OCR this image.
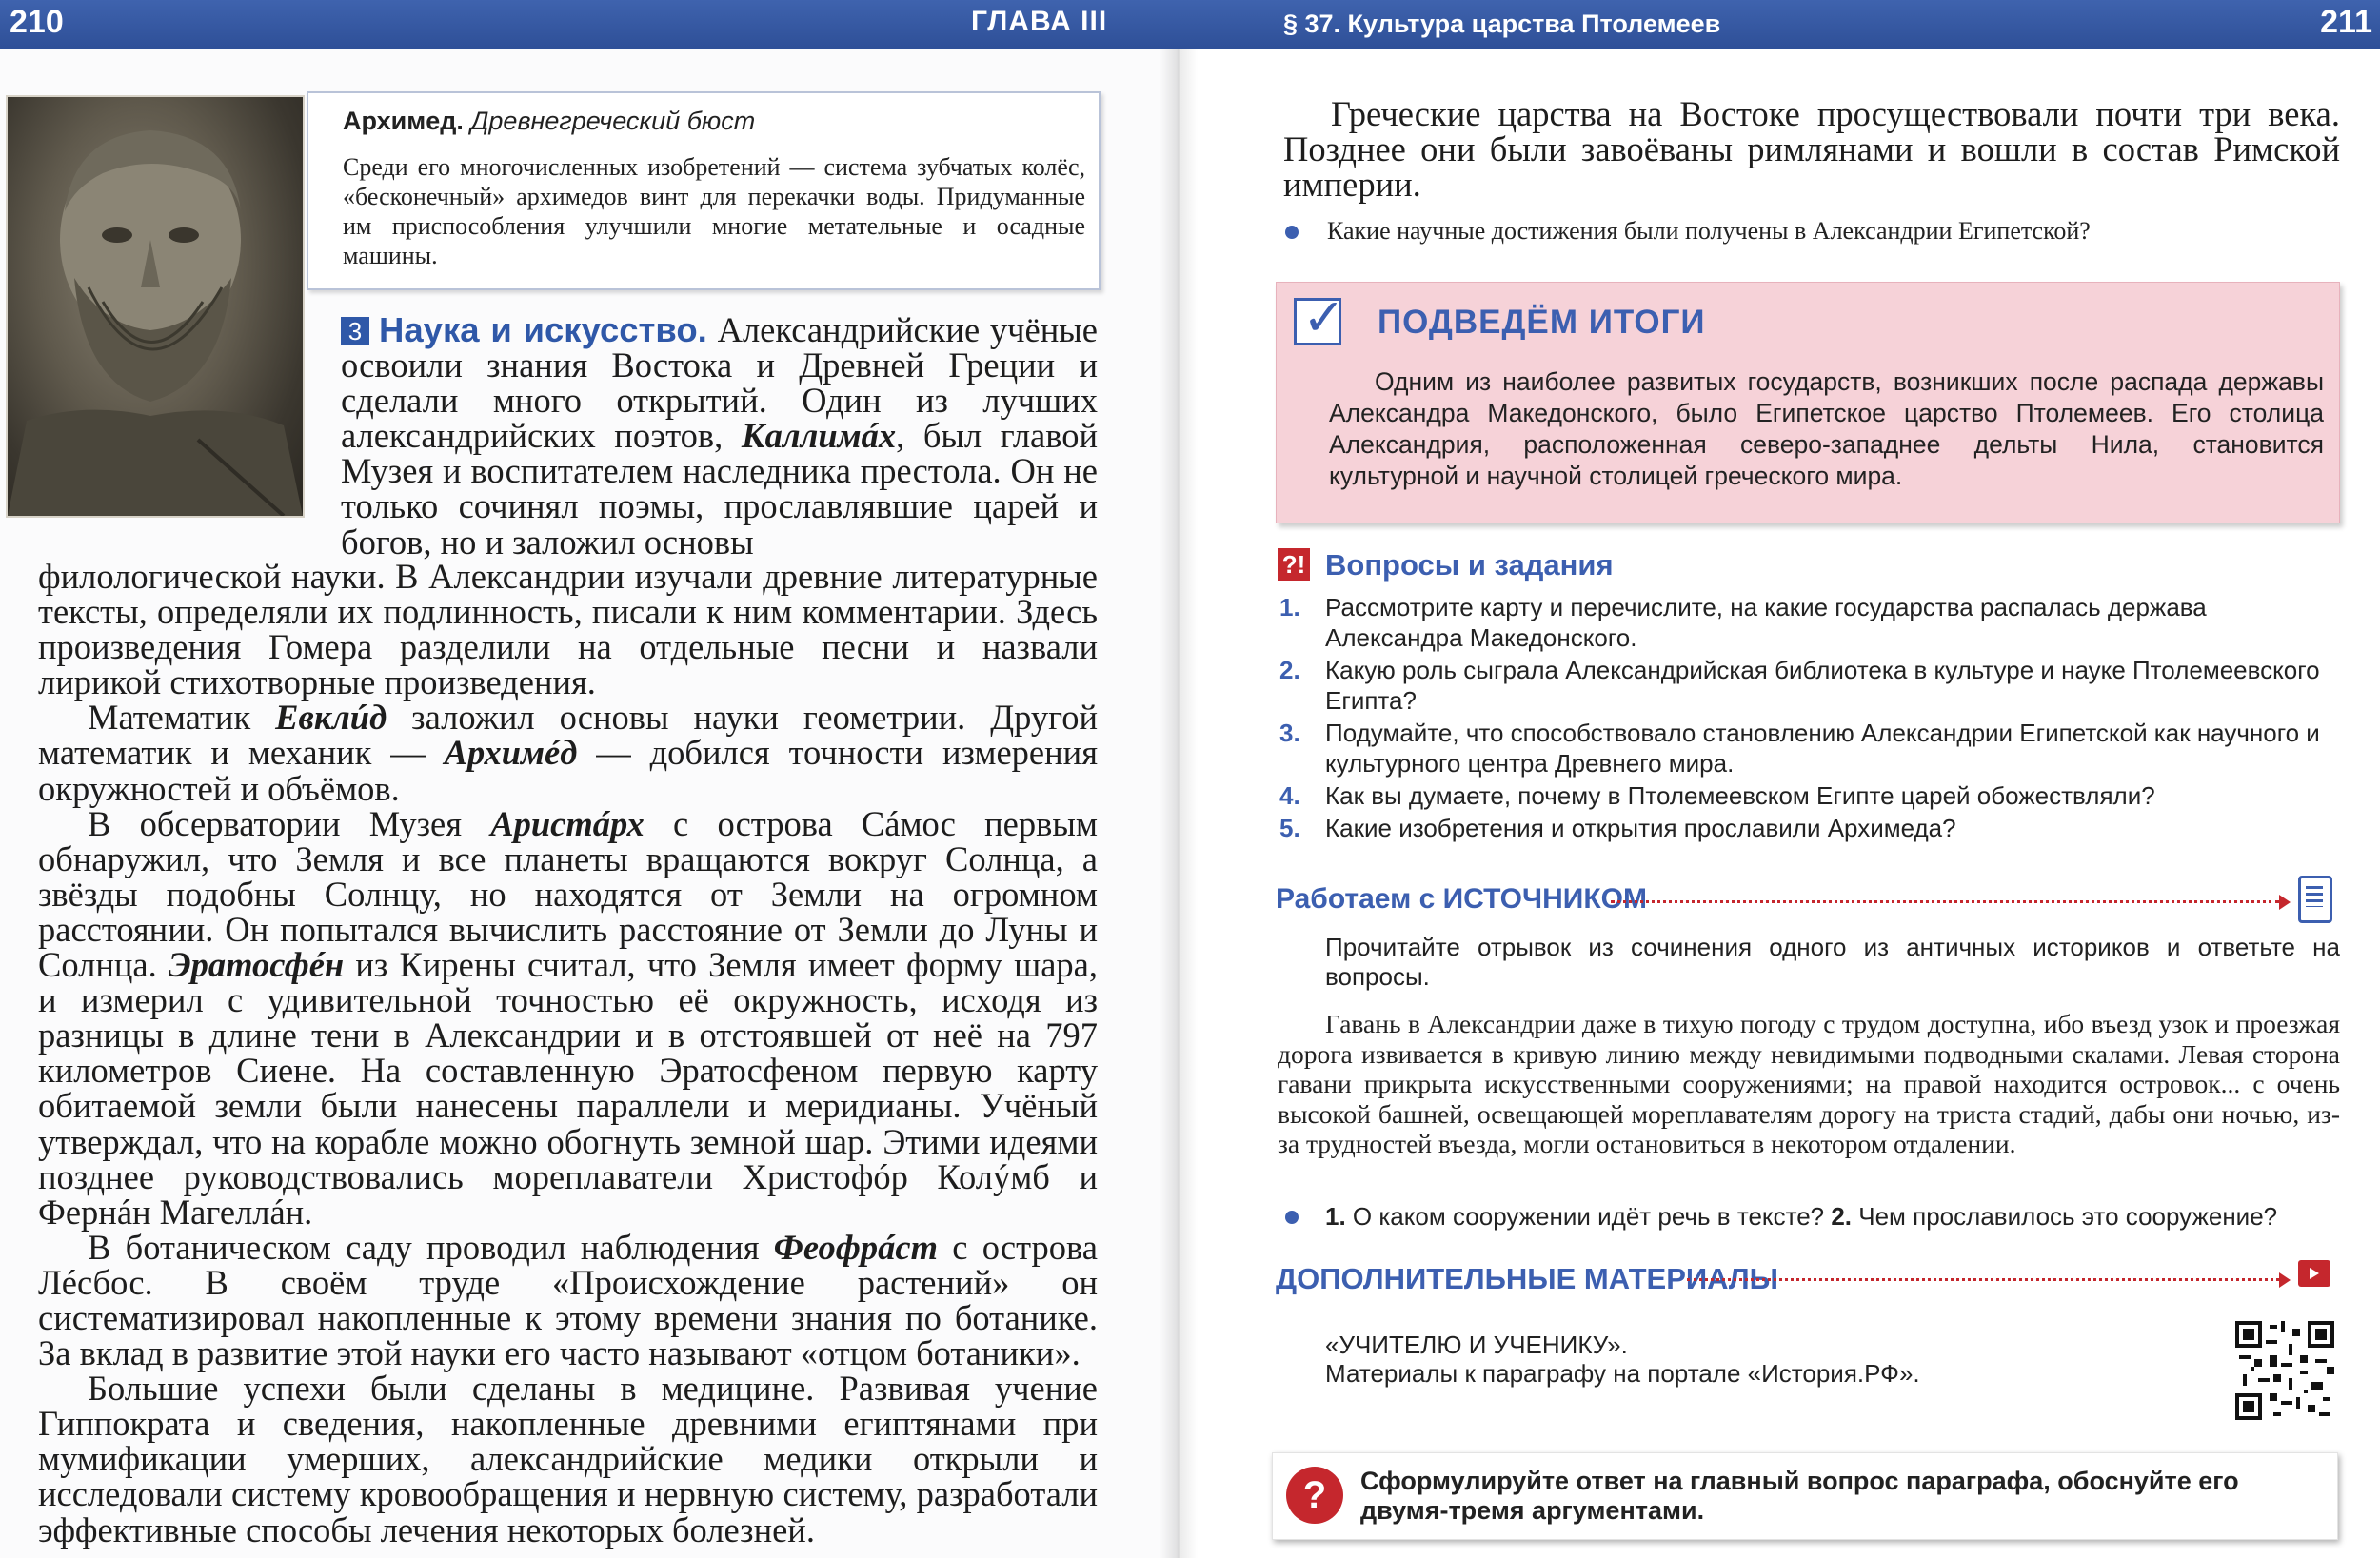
210	ГЛАВА III	§ 37. Культура царства Птолемеев	211
Архимед. Древнегреческий бюст
Среди его многочисленных изобретений — система зубчатых колёс, «бесконечный» архимедов винт для перекачки воды. Придуманные им приспособления улучшили многие метательные и осадные машины.

3 Наука и искусство. Александрийские учёные освоили знания Востока и Древней Греции и сделали много открытий. Один из лучших александрийских поэтов, Каллимáх, был главой Музея и воспитателем наследника престола. Он не только сочинял поэмы, прославлявшие царей и богов, но и заложил основы

филологической науки. В Александрии изучали древние литературные тексты, определяли их подлинность, писали к ним комментарии. Здесь произведения Гомера разделили на отдельные песни и назвали лирикой стихотворные произведения.

Математик Евклúд заложил основы науки геометрии. Другой математик и механик — Архимéд — добился точности измерения окружностей и объёмов.

В обсерватории Музея Аристáрх с острова Сáмос первым обнаружил, что Земля и все планеты вращаются вокруг Солнца, а звёзды подобны Солнцу, но находятся от Земли на огромном расстоянии. Он попытался вычислить расстояние от Земли до Луны и Солнца. Эратосфéн из Кирены считал, что Земля имеет форму шара, и измерил с удивительной точностью её окружность, исходя из разницы в длине тени в Александрии и в отстоявшей от неё на 797 километров Сиене. На составленную Эратосфеном первую карту обитаемой земли были нанесены параллели и меридианы. Учёный утверждал, что на корабле можно обогнуть земной шар. Этими идеями позднее руководствовались мореплаватели Христофóр Колýмб и Фернáн Магеллáн.

В ботаническом саду проводил наблюдения Феофрáст с острова Лéсбос. В своём труде «Происхождение растений» он систематизировал накопленные к этому времени знания по ботанике. За вклад в развитие этой науки его часто называют «отцом ботаники».

Большие успехи были сделаны в медицине. Развивая учение Гиппократа и сведения, накопленные древними египтянами при мумификации умерших, александрийские медики открыли и исследовали систему кровообращения и нервную систему, разработали эффективные способы лечения некоторых болезней.

Греческие царства на Востоке просуществовали почти три века. Позднее они были завоёваны римлянами и вошли в состав Римской империи.

Какие научные достижения были получены в Александрии Египетской?
✓ ПОДВЕДЁМ ИТОГИ

Одним из наиболее развитых государств, возникших после распада державы Александра Македонского, было Египетское царство Птолемеев. Его столица Александрия, расположенная северо-западнее дельты Нила, становится культурной и научной столицей греческого мира.

?! Вопросы и задания
1. Рассмотрите карту и перечислите, на какие государства распалась держава Александра Македонского.
2. Какую роль сыграла Александрийская библиотека в культуре и науке Птолемеевского Египта?
3. Подумайте, что способствовало становлению Александрии Египетской как научного и культурного центра Древнего мира.
4. Как вы думаете, почему в Птолемеевском Египте царей обожествляли?
5. Какие изобретения и открытия прославили Архимеда?
Работаем с ИСТОЧНИКОМ

Прочитайте отрывок из сочинения одного из античных историков и ответьте на вопросы.

Гавань в Александрии даже в тихую погоду с трудом доступна, ибо въезд узок и проезжая дорога извивается в кривую линию между невидимыми подводными скалами. Левая сторона гавани прикрыта искусственными сооружениями; на правой находится островок... с очень высокой башней, освещающей мореплавателям дорогу на триста стадий, дабы они ночью, из-за трудностей въезда, могли остановиться в некотором отдалении.

1. О каком сооружении идёт речь в тексте? 2. Чем прославилось это сооружение?
ДОПОЛНИТЕЛЬНЫЕ МАТЕРИАЛЫ
«УЧИТЕЛЮ И УЧЕНИКУ».
Материалы к параграфу на портале «История.РФ».
?	Сформулируйте ответ на главный вопрос параграфа, обоснуйте его двумя-тремя аргументами.
